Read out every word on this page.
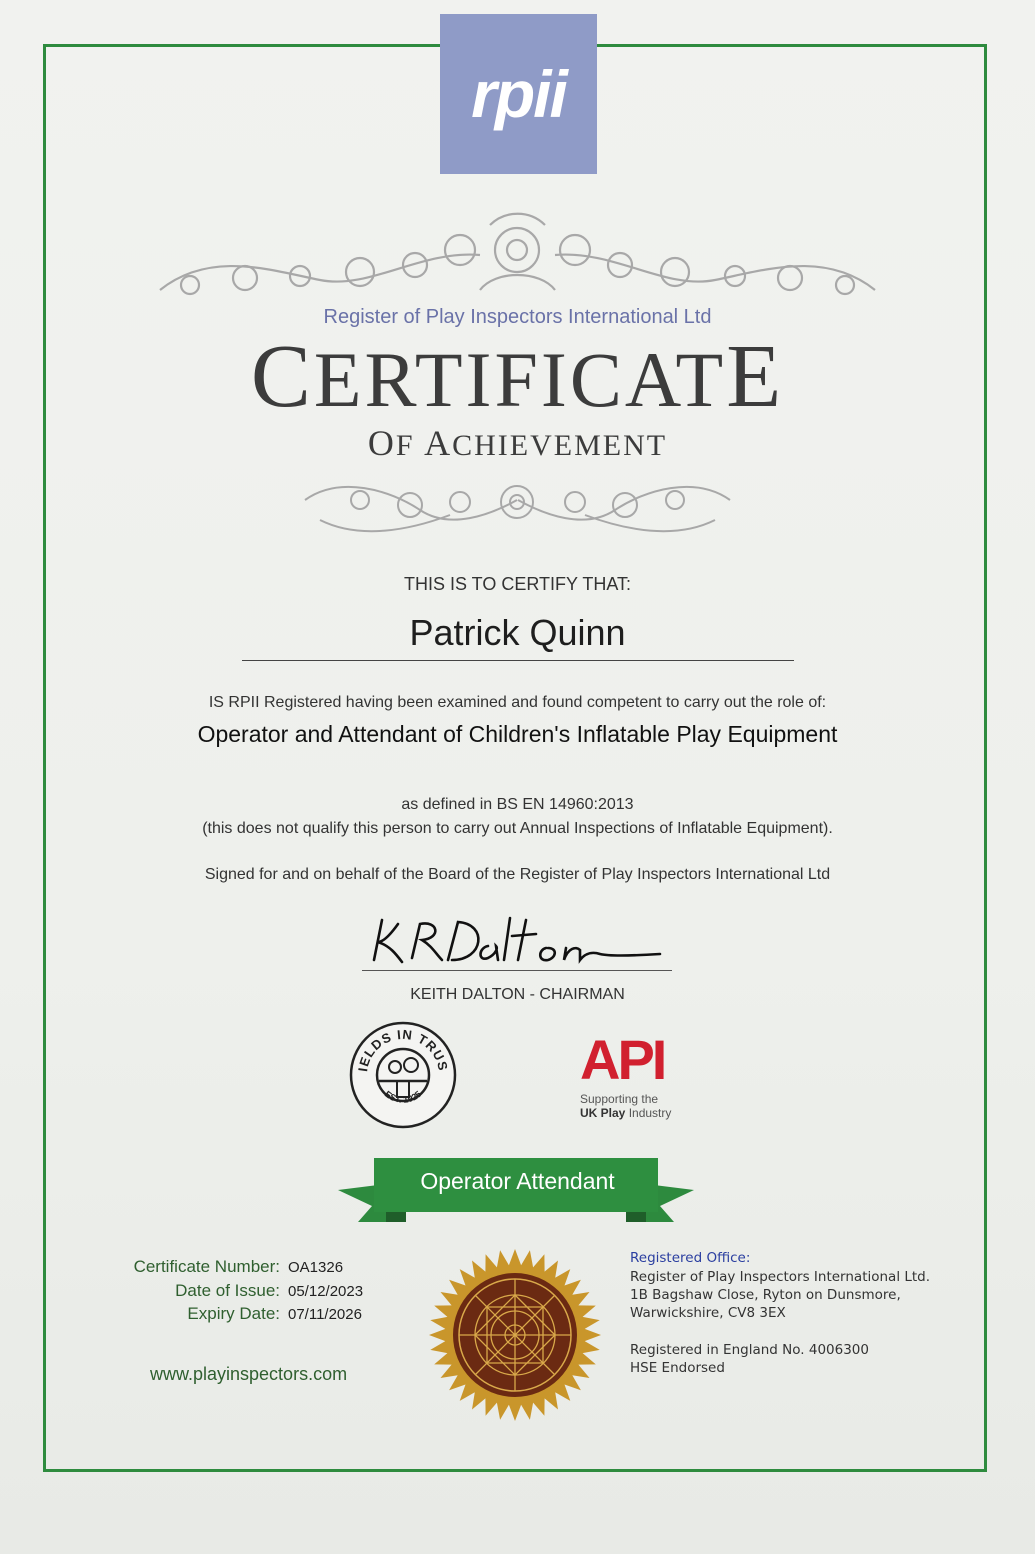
rpii
Register of Play Inspectors International Ltd
CERTIFICATE
OF ACHIEVEMENT
THIS IS TO CERTIFY THAT:
Patrick Quinn
IS RPII Registered having been examined and found competent to carry out the role of:
Operator and Attendant of Children's Inflatable Play Equipment
as defined in BS EN 14960:2013
(this does not qualify this person to carry out Annual Inspections of Inflatable Equipment).
Signed for and on behalf of the Board of the Register of Play Inspectors International Ltd
KEITH DALTON - CHAIRMAN
IELDS IN TRUS
EST. 1925
API
Supporting the
UK Play Industry
Operator Attendant
Certificate Number: OA1326
Date of Issue: 05/12/2023
Expiry Date: 07/11/2026
www.playinspectors.com
Registered Office:
Register of Play Inspectors International Ltd.
1B Bagshaw Close, Ryton on Dunsmore,
Warwickshire, CV8 3EX
Registered in England No. 4006300
HSE Endorsed
